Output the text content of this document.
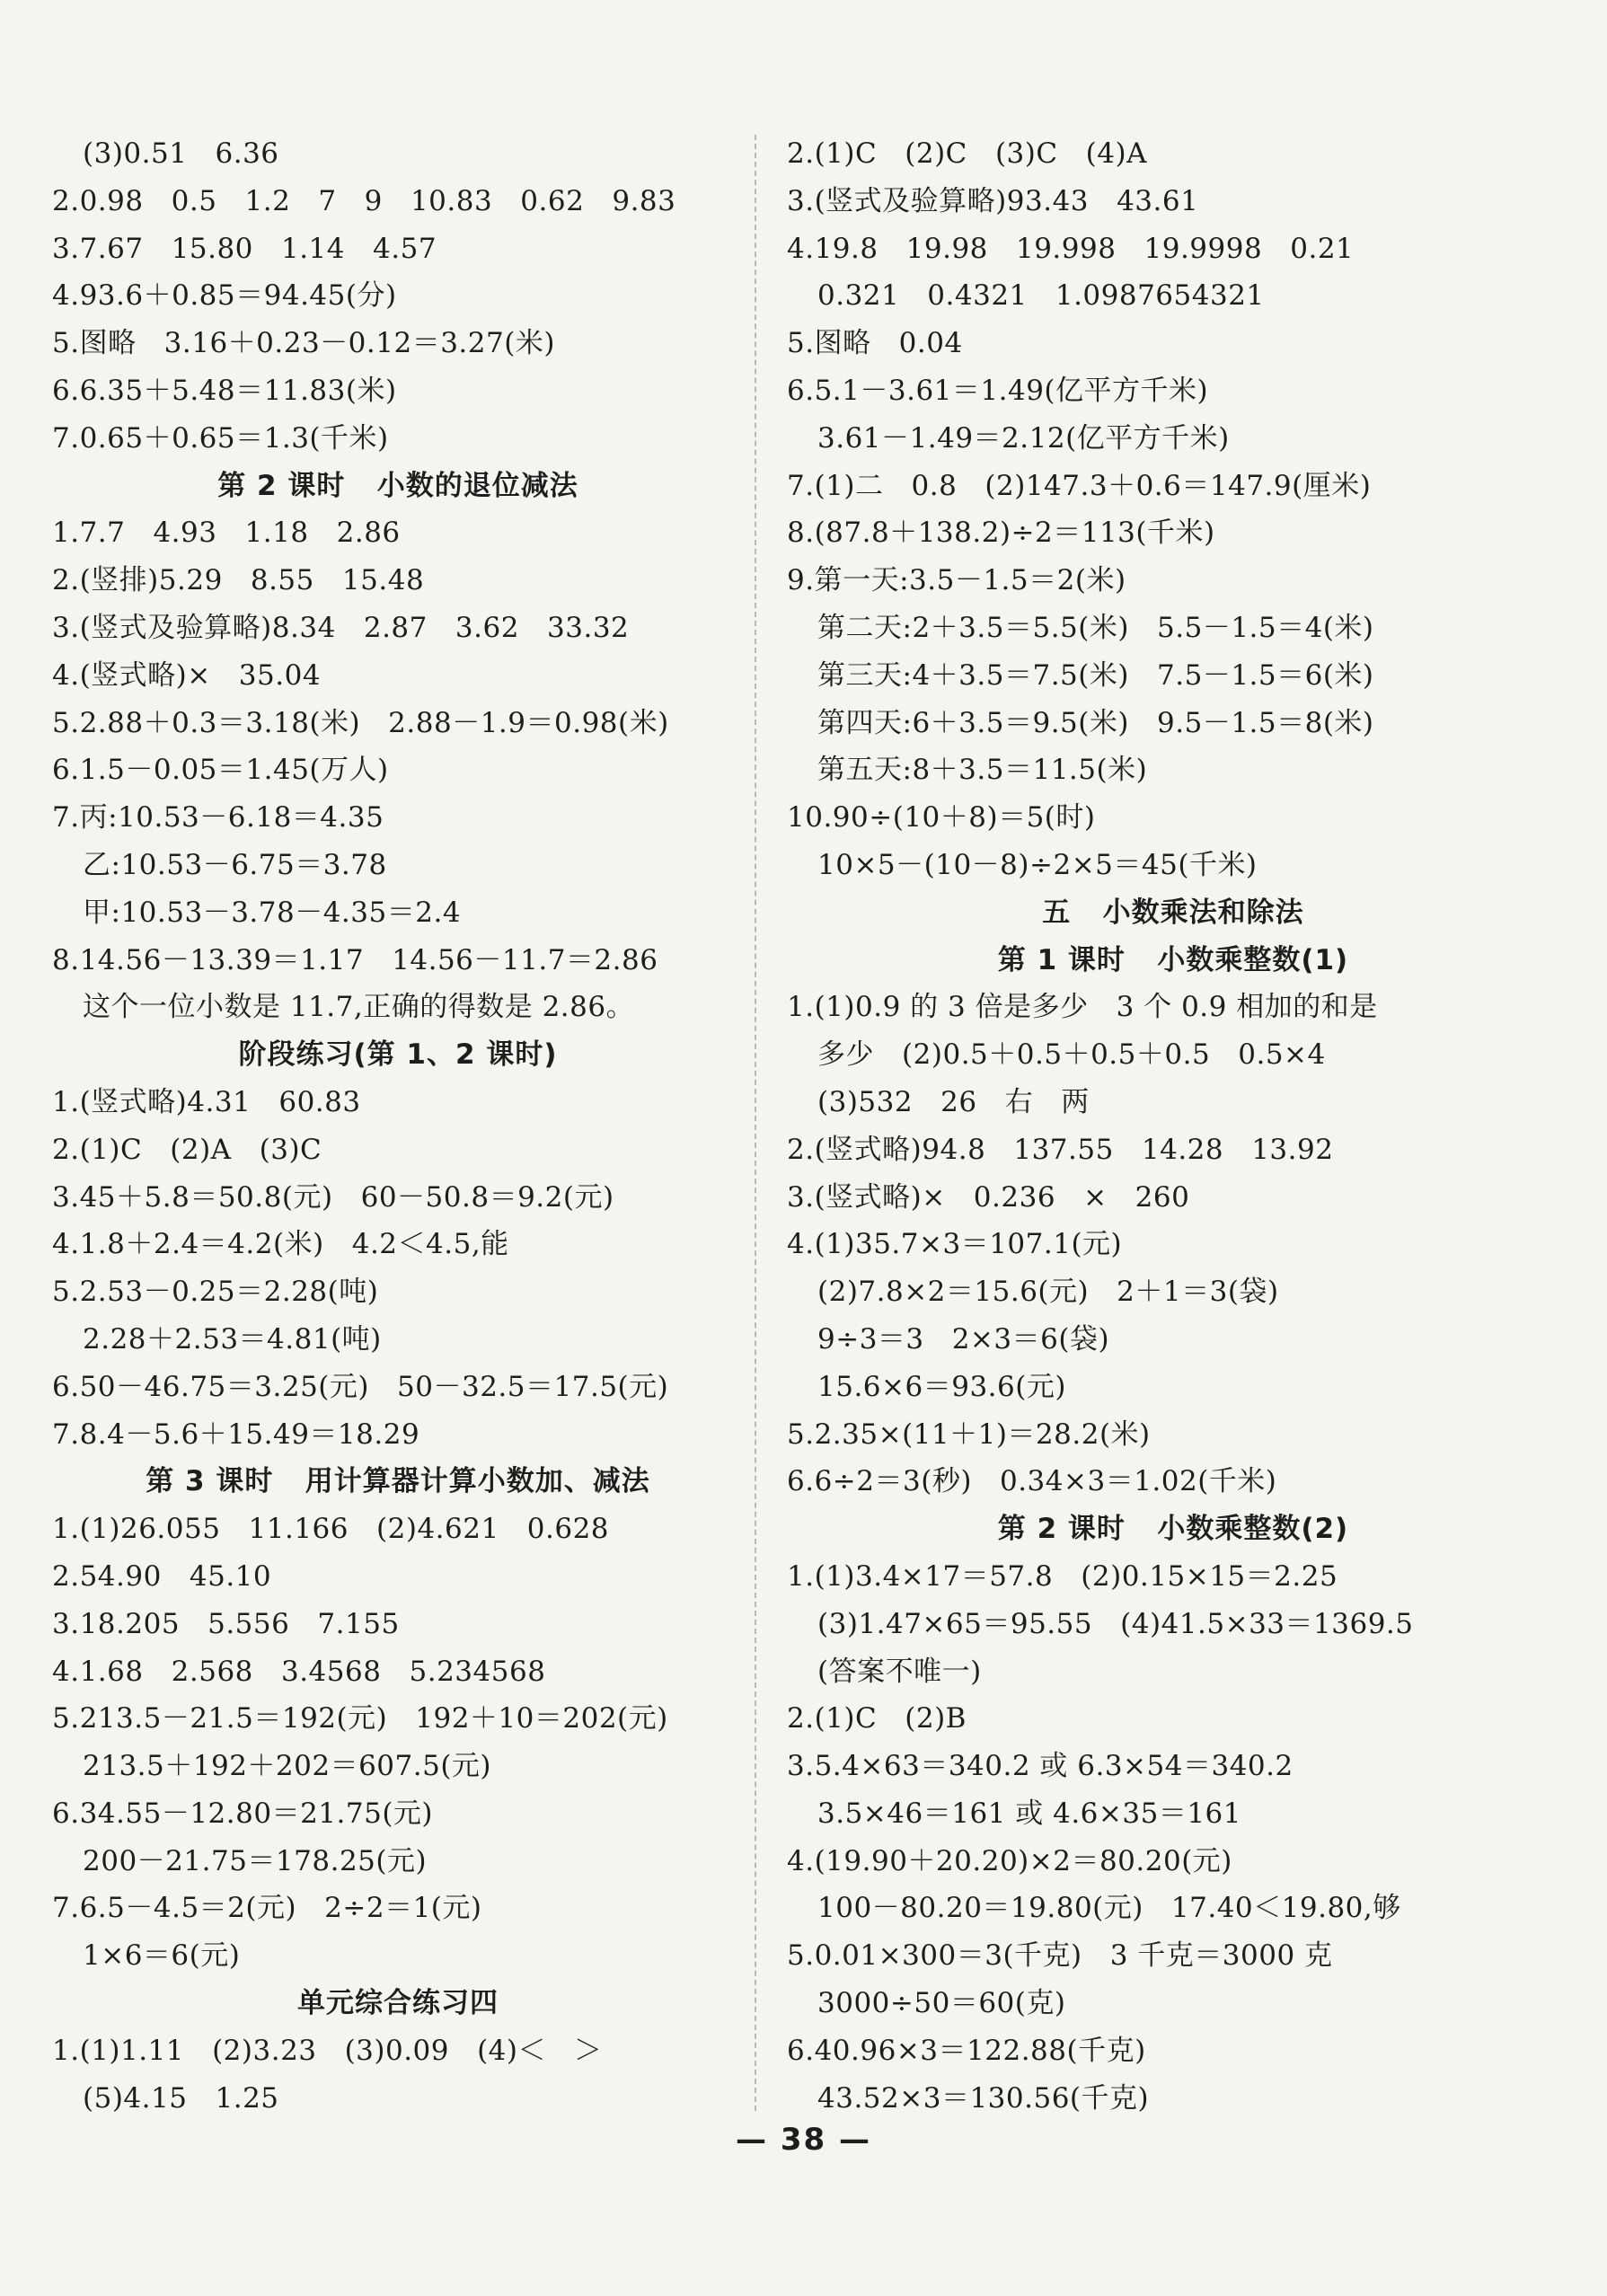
(3)0.51   6.36
2.0.98   0.5   1.2   7   9   10.83   0.62   9.83
3.7.67   15.80   1.14   4.57
4.93.6＋0.85＝94.45(分)
5.图略   3.16＋0.23－0.12＝3.27(米)
6.6.35＋5.48＝11.83(米)
7.0.65＋0.65＝1.3(千米)
第 2 课时   小数的退位减法
1.7.7   4.93   1.18   2.86
2.(竖排)5.29   8.55   15.48
3.(竖式及验算略)8.34   2.87   3.62   33.32
4.(竖式略)×   35.04
5.2.88＋0.3＝3.18(米)   2.88－1.9＝0.98(米)
6.1.5－0.05＝1.45(万人)
7.丙:10.53－6.18＝4.35
乙:10.53－6.75＝3.78
甲:10.53－3.78－4.35＝2.4
8.14.56－13.39＝1.17   14.56－11.7＝2.86
这个一位小数是 11.7,正确的得数是 2.86。
阶段练习(第 1、2 课时)
1.(竖式略)4.31   60.83
2.(1)C   (2)A   (3)C
3.45＋5.8＝50.8(元)   60－50.8＝9.2(元)
4.1.8＋2.4＝4.2(米)   4.2＜4.5,能
5.2.53－0.25＝2.28(吨)
2.28＋2.53＝4.81(吨)
6.50－46.75＝3.25(元)   50－32.5＝17.5(元)
7.8.4－5.6＋15.49＝18.29
第 3 课时   用计算器计算小数加、减法
1.(1)26.055   11.166   (2)4.621   0.628
2.54.90   45.10
3.18.205   5.556   7.155
4.1.68   2.568   3.4568   5.234568
5.213.5－21.5＝192(元)   192＋10＝202(元)
213.5＋192＋202＝607.5(元)
6.34.55－12.80＝21.75(元)
200－21.75＝178.25(元)
7.6.5－4.5＝2(元)   2÷2＝1(元)
1×6＝6(元)
单元综合练习四
1.(1)1.11   (2)3.23   (3)0.09   (4)＜   ＞
(5)4.15   1.25
2.(1)C   (2)C   (3)C   (4)A
3.(竖式及验算略)93.43   43.61
4.19.8   19.98   19.998   19.9998   0.21
0.321   0.4321   1.0987654321
5.图略   0.04
6.5.1－3.61＝1.49(亿平方千米)
3.61－1.49＝2.12(亿平方千米)
7.(1)二   0.8   (2)147.3＋0.6＝147.9(厘米)
8.(87.8＋138.2)÷2＝113(千米)
9.第一天:3.5－1.5＝2(米)
第二天:2＋3.5＝5.5(米)   5.5－1.5＝4(米)
第三天:4＋3.5＝7.5(米)   7.5－1.5＝6(米)
第四天:6＋3.5＝9.5(米)   9.5－1.5＝8(米)
第五天:8＋3.5＝11.5(米)
10.90÷(10＋8)＝5(时)
10×5－(10－8)÷2×5＝45(千米)
五   小数乘法和除法
第 1 课时   小数乘整数(1)
1.(1)0.9 的 3 倍是多少   3 个 0.9 相加的和是
多少   (2)0.5＋0.5＋0.5＋0.5   0.5×4
(3)532   26   右   两
2.(竖式略)94.8   137.55   14.28   13.92
3.(竖式略)×   0.236   ×   260
4.(1)35.7×3＝107.1(元)
(2)7.8×2＝15.6(元)   2＋1＝3(袋)
9÷3＝3   2×3＝6(袋)
15.6×6＝93.6(元)
5.2.35×(11＋1)＝28.2(米)
6.6÷2＝3(秒)   0.34×3＝1.02(千米)
第 2 课时   小数乘整数(2)
1.(1)3.4×17＝57.8   (2)0.15×15＝2.25
(3)1.47×65＝95.55   (4)41.5×33＝1369.5
(答案不唯一)
2.(1)C   (2)B
3.5.4×63＝340.2 或 6.3×54＝340.2
3.5×46＝161 或 4.6×35＝161
4.(19.90＋20.20)×2＝80.20(元)
100－80.20＝19.80(元)   17.40＜19.80,够
5.0.01×300＝3(千克)   3 千克＝3000 克
3000÷50＝60(克)
6.40.96×3＝122.88(千克)
43.52×3＝130.56(千克)
— 38 —
